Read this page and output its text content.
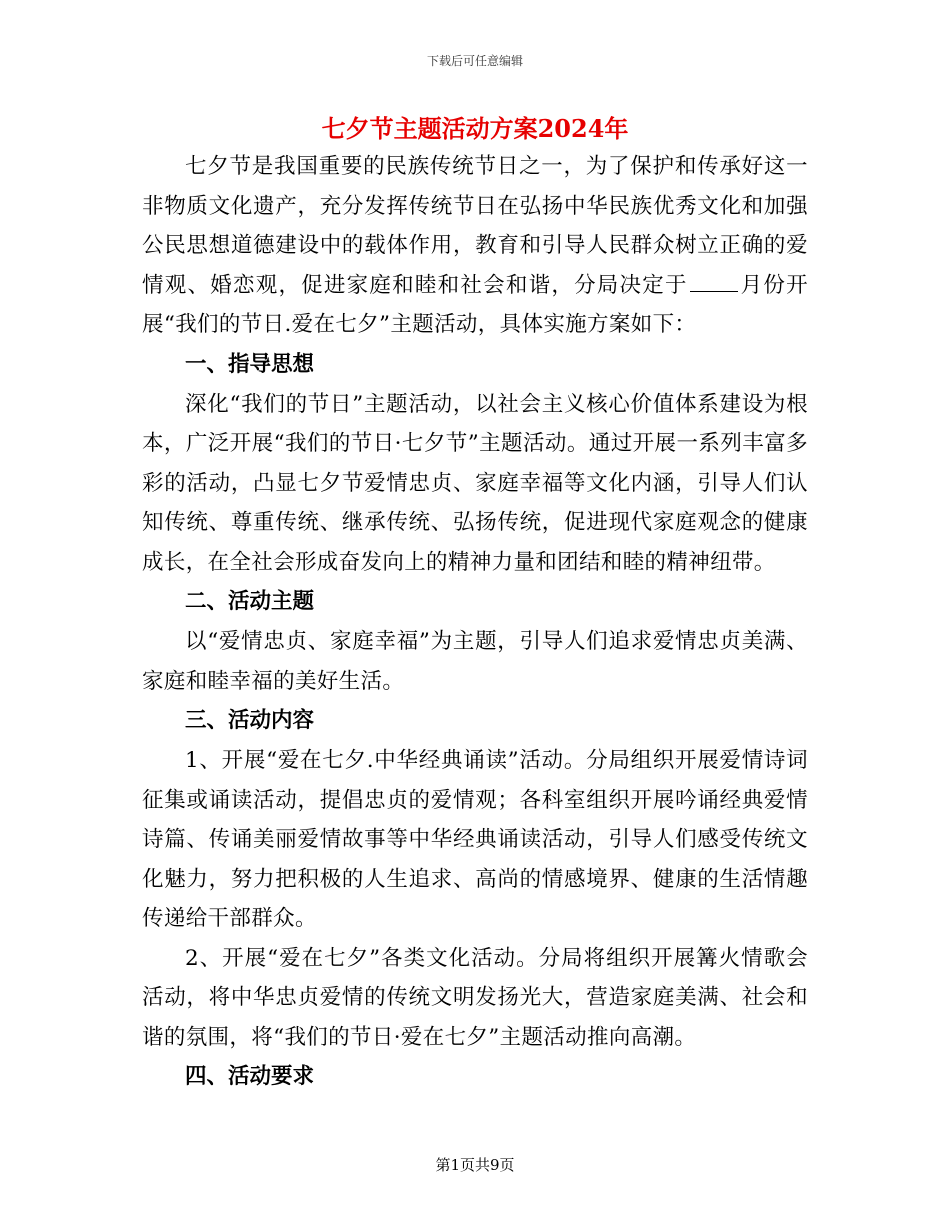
下载后可任意编辑
七夕节主题活动方案2024年

七夕节是我国重要的民族传统节日之一，为了保护和传承好这一非物质文化遗产，充分发挥传统节日在弘扬中华民族优秀文化和加强公民思想道德建设中的载体作用，教育和引导人民群众树立正确的爱情观、婚恋观，促进家庭和睦和社会和谐，分局决定于 月份开展“我们的节日.爱在七夕”主题活动，具体实施方案如下：

一、指导思想

深化“我们的节日”主题活动，以社会主义核心价值体系建设为根本，广泛开展“我们的节日·七夕节”主题活动。通过开展一系列丰富多彩的活动，凸显七夕节爱情忠贞、家庭幸福等文化内涵，引导人们认知传统、尊重传统、继承传统、弘扬传统，促进现代家庭观念的健康成长，在全社会形成奋发向上的精神力量和团结和睦的精神纽带。

二、活动主题

以“爱情忠贞、家庭幸福”为主题，引导人们追求爱情忠贞美满、家庭和睦幸福的美好生活。

三、活动内容

1、开展“爱在七夕.中华经典诵读”活动。分局组织开展爱情诗词征集或诵读活动，提倡忠贞的爱情观；各科室组织开展吟诵经典爱情诗篇、传诵美丽爱情故事等中华经典诵读活动，引导人们感受传统文化魅力，努力把积极的人生追求、高尚的情感境界、健康的生活情趣传递给干部群众。

2、开展“爱在七夕”各类文化活动。分局将组织开展篝火情歌会活动，将中华忠贞爱情的传统文明发扬光大，营造家庭美满、社会和谐的氛围，将“我们的节日·爱在七夕”主题活动推向高潮。

四、活动要求

第1页共9页
